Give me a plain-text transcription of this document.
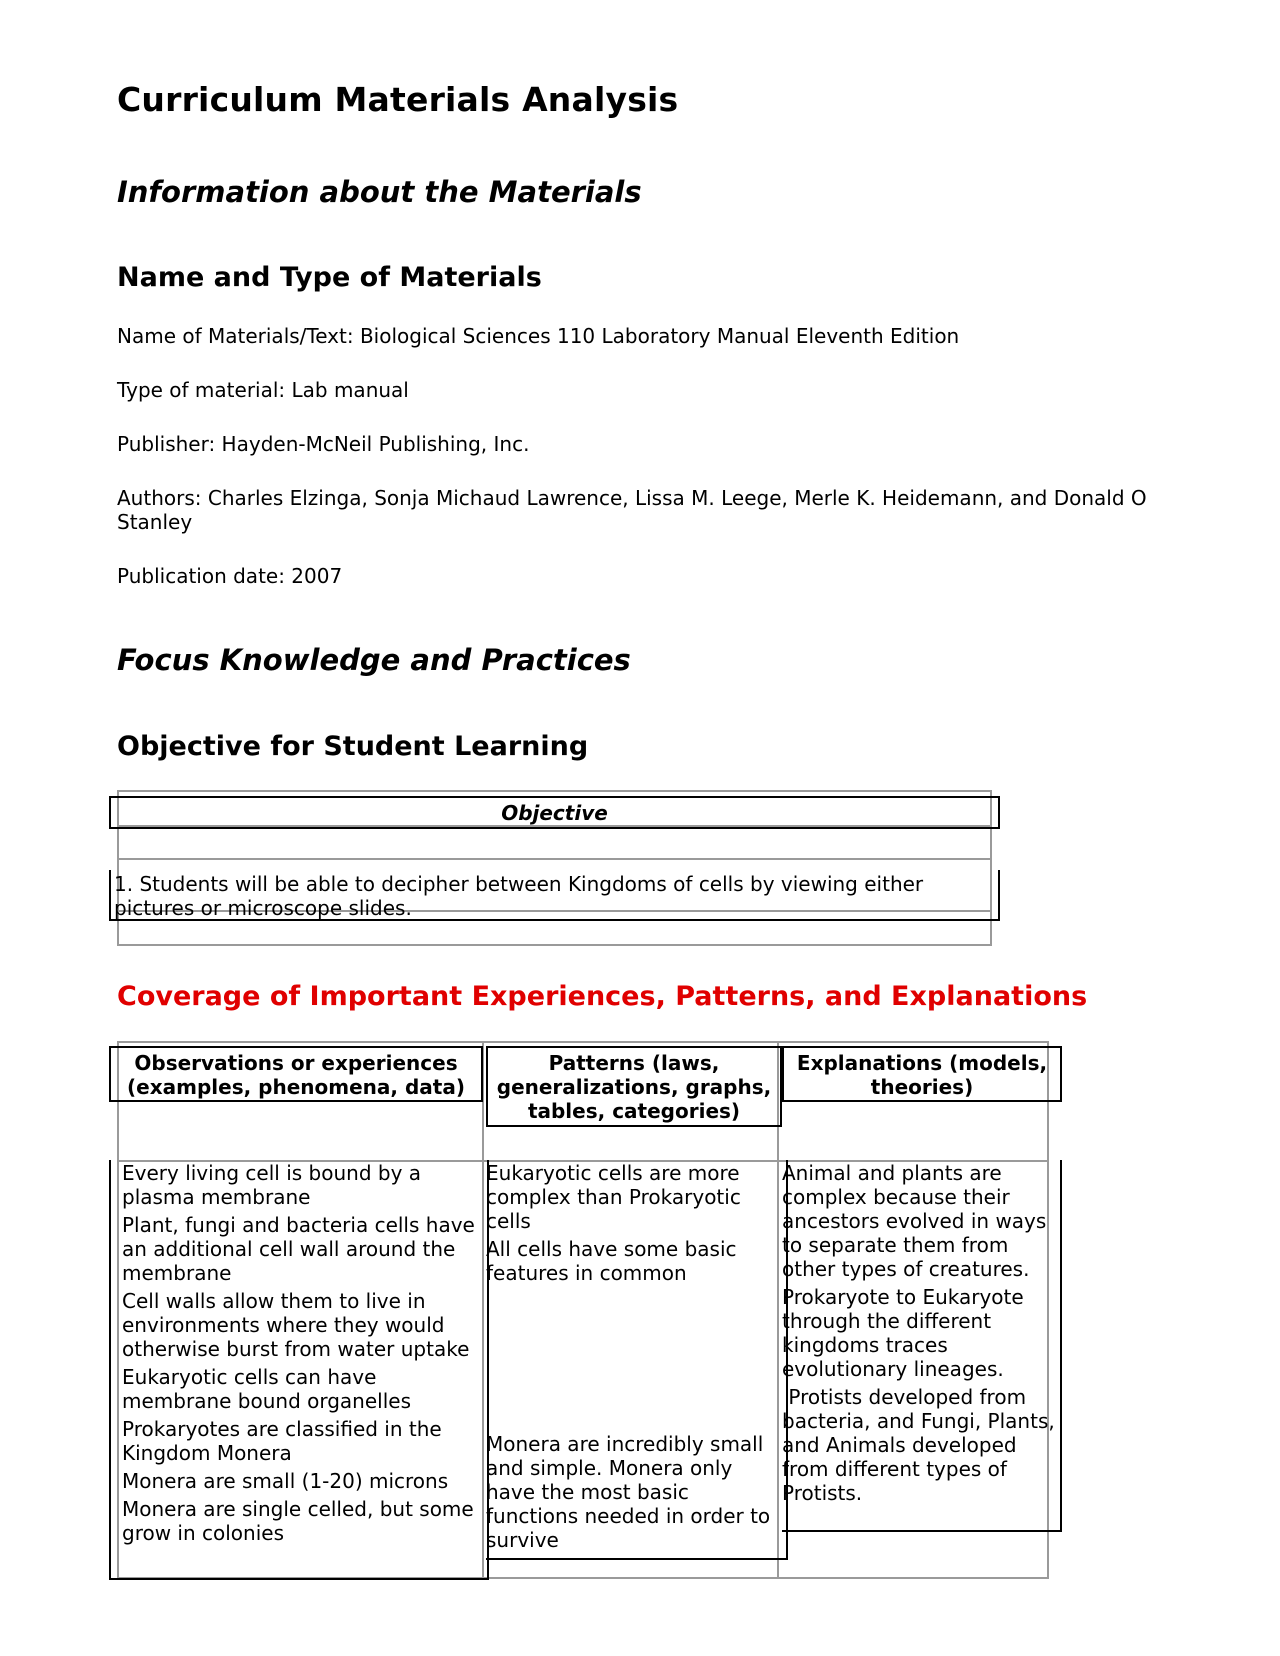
Curriculum Materials Analysis
Information about the Materials
Name and Type of Materials

Name of Materials/Text: Biological Sciences 110 Laboratory Manual Eleventh Edition

Type of material: Lab manual

Publisher: Hayden-McNeil Publishing, Inc.

Authors: Charles Elzinga, Sonja Michaud Lawrence, Lissa M. Leege, Merle K. Heidemann, and Donald O Stanley

Publication date: 2007

Focus Knowledge and Practices
Objective for Student Learning
Objective
1. Students will be able to decipher between Kingdoms of cells by viewing either pictures or microscope slides.
Coverage of Important Experiences, Patterns, and Explanations
Observations or experiences (examples, phenomena, data)
Patterns (laws, generalizations, graphs, tables, categories)
Explanations (models, theories)
Every living cell is bound by a plasma membrane
Plant, fungi and bacteria cells have an additional cell wall around the membrane
Cell walls allow them to live in environments where they would otherwise burst from water uptake
Eukaryotic cells can have membrane bound organelles
Prokaryotes are classified in the Kingdom Monera
Monera are small (1-20) microns
Monera are single celled, but some grow in colonies
Eukaryotic cells are more complex than Prokaryotic cells
All cells have some basic features in common
Monera are incredibly small and simple. Monera only have the most basic functions needed in order to survive
Animal and plants are complex because their ancestors evolved in ways to separate them from other types of creatures.
Prokaryote to Eukaryote through the different kingdoms traces evolutionary lineages.
Protists developed from bacteria, and Fungi, Plants, and Animals developed from different types of Protists.
